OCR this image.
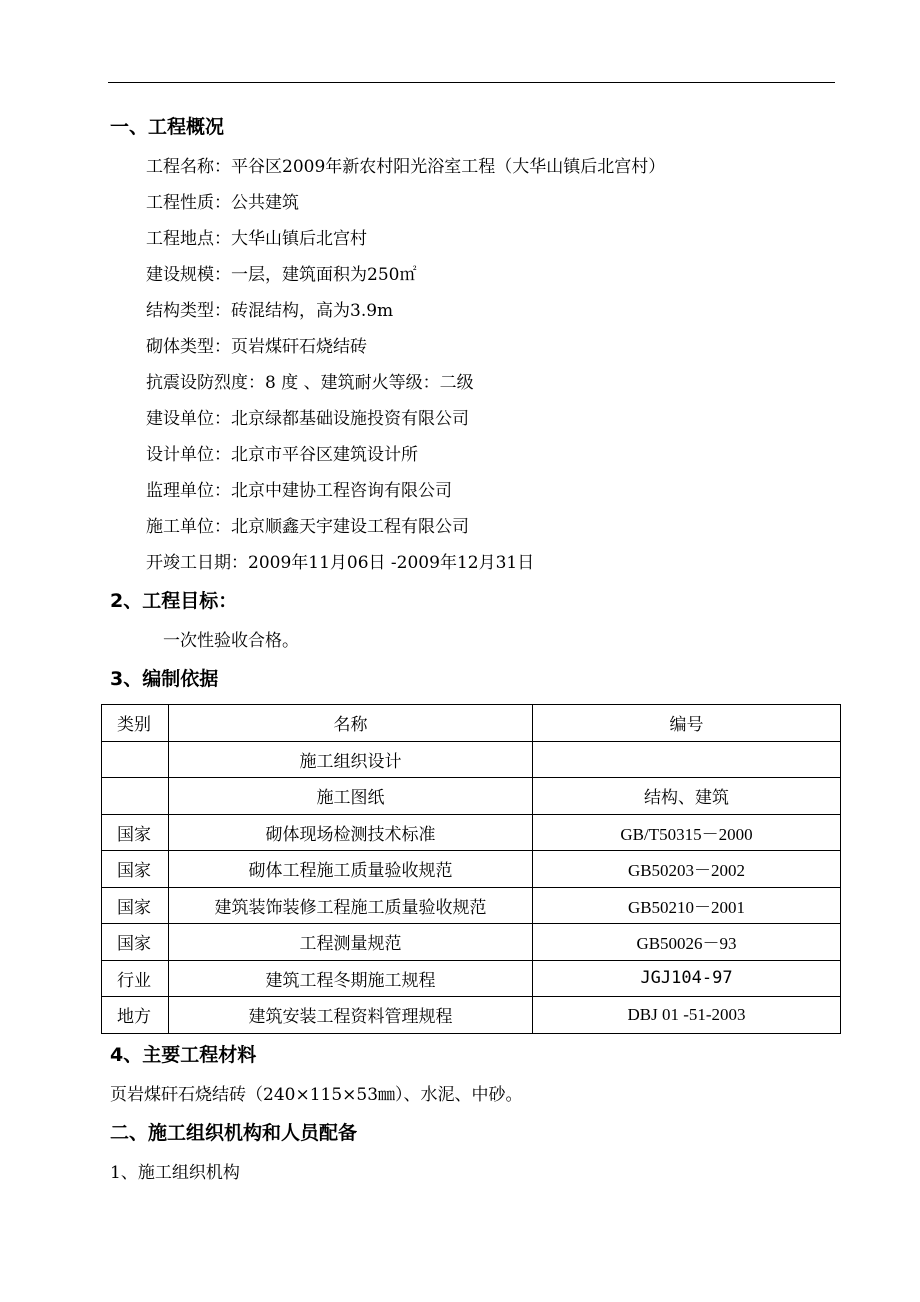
一、工程概况
工程名称：平谷区2009年新农村阳光浴室工程（大华山镇后北宫村）
工程性质：公共建筑
工程地点：大华山镇后北宫村
建设规模：一层，建筑面积为250㎡
结构类型：砖混结构，高为3.9m
砌体类型：页岩煤矸石烧结砖
抗震设防烈度：8 度 、建筑耐火等级：二级
建设单位：北京绿都基础设施投资有限公司
设计单位：北京市平谷区建筑设计所
监理单位：北京中建协工程咨询有限公司
施工单位：北京顺鑫天宇建设工程有限公司
开竣工日期：2009年11月06日 -2009年12月31日
2、工程目标：
一次性验收合格。
3、编制依据
类别	名称	编号
	施工组织设计	
	施工图纸	结构、建筑
国家	砌体现场检测技术标准	GB/T50315－2000
国家	砌体工程施工质量验收规范	GB50203－2002
国家	建筑装饰装修工程施工质量验收规范	GB50210－2001
国家	工程测量规范	GB50026－93
行业	建筑工程冬期施工规程	JGJ104-97
地方	建筑安装工程资料管理规程	DBJ 01 -51-2003
4、主要工程材料
页岩煤矸石烧结砖（240×115×53㎜）、水泥、中砂。
二、施工组织机构和人员配备
1、施工组织机构
